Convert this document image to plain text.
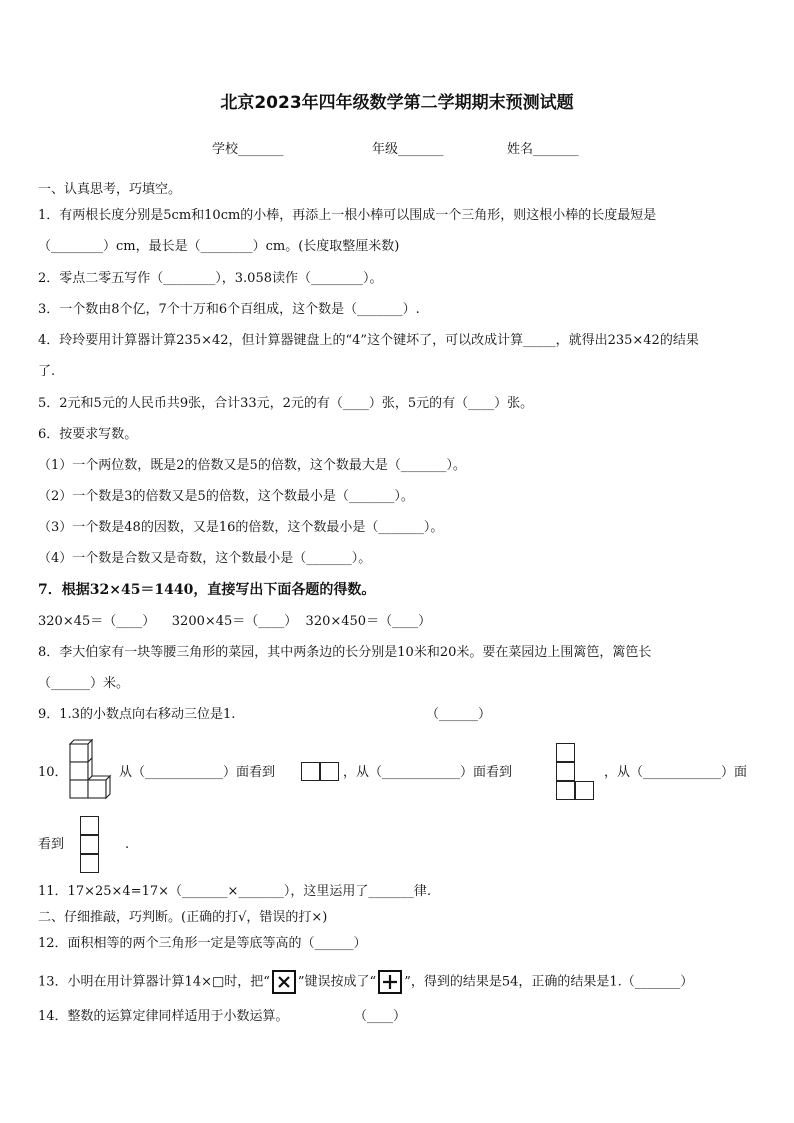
北京2023年四年级数学第二学期期末预测试题
学校_______	年级_______	姓名_______
一、认真思考，巧填空。
1．有两根长度分别是5cm和10cm的小棒，再添上一根小棒可以围成一个三角形，则这根小棒的长度最短是
（________）cm，最长是（________）cm。(长度取整厘米数)
2．零点二零五写作（________），3.058读作（________）。
3．一个数由8个亿，7个十万和6个百组成，这个数是（_______）.
4．玲玲要用计算器计算235×42，但计算器键盘上的“4”这个键坏了，可以改成计算_____，就得出235×42的结果
了.
5．2元和5元的人民币共9张，合计33元，2元的有（____）张，5元的有（____）张。
6．按要求写数。
（1）一个两位数，既是2的倍数又是5的倍数，这个数最大是（_______）。
（2）一个数是3的倍数又是5的倍数，这个数最小是（_______）。
（3）一个数是48的因数，又是16的倍数，这个数最小是（_______）。
（4）一个数是合数又是奇数，这个数最小是（_______）。
7．根据32×45＝1440，直接写出下面各题的得数。
320×45＝（____）    3200×45＝（____）  320×450＝（____）
8．李大伯家有一块等腰三角形的菜园，其中两条边的长分别是10米和20米。要在菜园边上围篱笆，篱笆长
（______）米。
9．1.3的小数点向右移动三位是1.	（______）
10．	从（____________）面看到	，从（____________）面看到	，从（____________）面
看到	.
11．17×25×4=17×（_______×_______），这里运用了_______律.
二、仔细推敲，巧判断。(正确的打√，错误的打×)
12．面积相等的两个三角形一定是等底等高的（______）
13．小明在用计算器计算14×□时，把“ ”键误按成了“ ”，得到的结果是54，正确的结果是1.（_______）
14．整数的运算定律同样适用于小数运算。	（____）
